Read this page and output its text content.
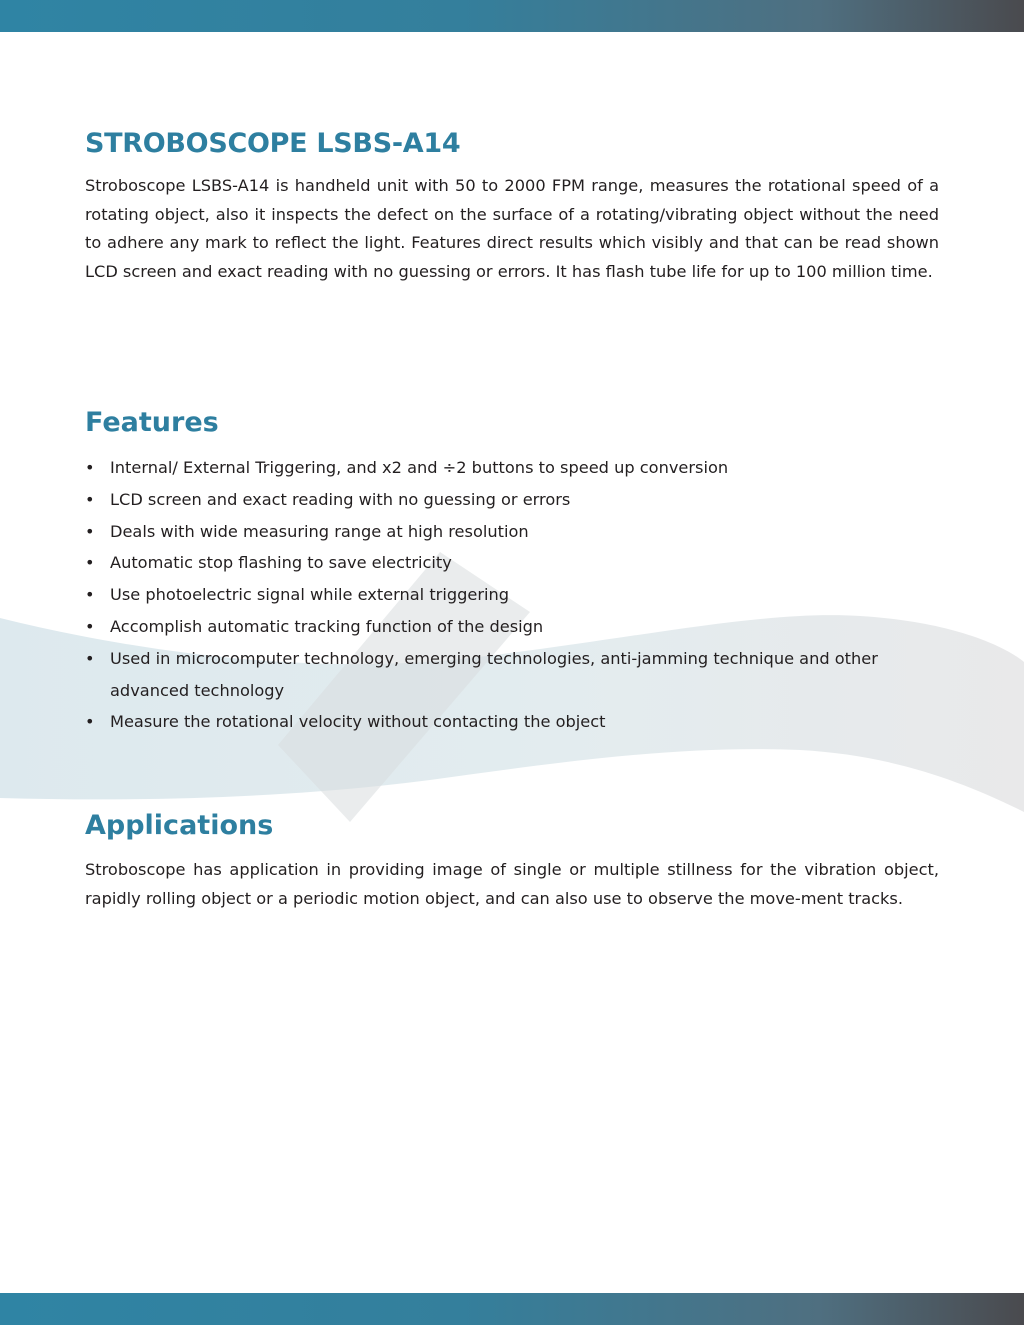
STROBOSCOPE LSBS-A14

Stroboscope LSBS-A14 is handheld unit with 50 to 2000 FPM range, measures the rotational speed of a rotating object, also it inspects the defect on the surface of a rotating/vibrating object without the need to adhere any mark to reflect the light. Features direct results which visibly and that can be read shown LCD screen and exact reading with no guessing or errors. It has flash tube life for up to 100 million time.

Features
• Internal/ External Triggering, and x2 and ÷2 buttons to speed up conversion
• LCD screen and exact reading with no guessing or errors
• Deals with wide measuring range at high resolution
• Automatic stop flashing to save electricity
• Use photoelectric signal while external triggering
• Accomplish automatic tracking function of the design
• Used in microcomputer technology, emerging technologies, anti-jamming technique and other advanced technology
• Measure the rotational velocity without contacting the object
Applications

Stroboscope has application in providing image of single or multiple stillness for the vibration object, rapidly rolling object or a periodic motion object, and can also use to observe the move-ment tracks.
